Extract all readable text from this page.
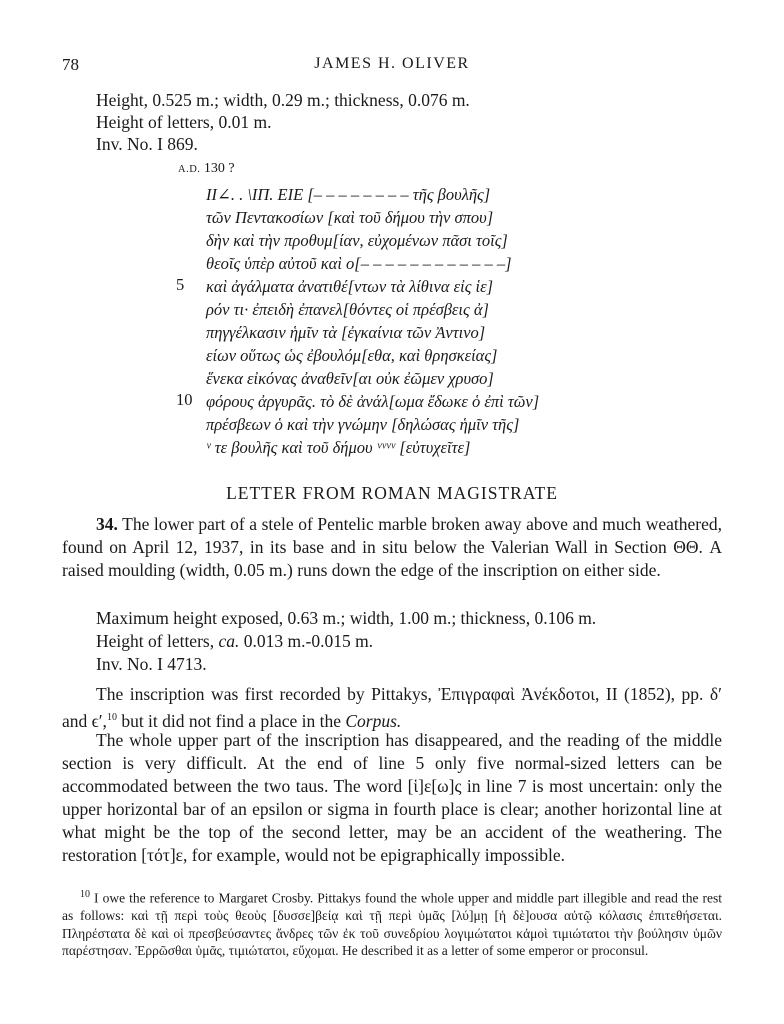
78	JAMES H. OLIVER
Height, 0.525 m.; width, 0.29 m.; thickness, 0.076 m.
Height of letters, 0.01 m.
Inv. No. I 869.
A.D. 130 ?
ΙΙ∠. . \ΙΠ. ΕΙΕ [– – – – – – – – τῆς βουλῆς]
τῶν Πεντακοσίων [καὶ τοῦ δήμου τὴν σπου]
δὴν καὶ τὴν προθυμ[ίαν, εὐχομένων πᾶσι τοῖς]
θεοῖς ὑπὲρ αὐτοῦ καὶ ο[– – – – – – – – – – – –]
5 καὶ ἀγάλματα ἀνατιθέ[ντων τὰ λίθινα εἰς ἱε]
ρόν τι· ἐπειδὴ ἐπανελ[θόντες οἱ πρέσβεις ἀ]
πηγγέλκασιν ἡμῖν τὰ [ἐγκαίνια τῶν Ἀντινο]
είων οὕτως ὡς ἐβουλόμ[εθα, καὶ θρησκείας]
ἕνεκα εἰκόνας ἀναθεῖν[αι οὐκ ἐῶμεν χρυσο]
10 φόρους ἀργυρᾶς. τὸ δὲ ἀνάλ[ωμα ἔδωκε ὁ ἐπὶ τῶν]
πρέσβεων ὁ καὶ τὴν γνώμην [δηλώσας ἡμῖν τῆς]
ᵛ τε βουλῆς καὶ τοῦ δήμου ᵛᵛᵛᵛ [εὐτυχεῖτε]
LETTER FROM ROMAN MAGISTRATE
34. The lower part of a stele of Pentelic marble broken away above and much weathered, found on April 12, 1937, in its base and in situ below the Valerian Wall in Section ΘΘ. A raised moulding (width, 0.05 m.) runs down the edge of the inscription on either side.
Maximum height exposed, 0.63 m.; width, 1.00 m.; thickness, 0.106 m.
Height of letters, ca. 0.013 m.-0.015 m.
Inv. No. I 4713.
The inscription was first recorded by Pittakys, Ἐπιγραφαὶ Ἀνέκδοτοι, II (1852), pp. δ′ and ϵ′,$^{10}$ but it did not find a place in the Corpus.
The whole upper part of the inscription has disappeared, and the reading of the middle section is very difficult. At the end of line 5 only five normal-sized letters can be accommodated between the two taus. The word [ἱ]ε[ω]ς in line 7 is most uncertain: only the upper horizontal bar of an epsilon or sigma in fourth place is clear; another horizontal line at what might be the top of the second letter, may be an accident of the weathering. The restoration [τότ]ε, for example, would not be epigraphically impossible.
$^{10}$ I owe the reference to Margaret Crosby. Pittakys found the whole upper and middle part illegible and read the rest as follows: καὶ τῇ περὶ τοὺς θεοὺς [δυσσε]βείᾳ καὶ τῇ περὶ ὑμᾶς [λύ]μῃ [ἡ δὲ]ουσα αὐτῷ κόλασις ἐπιτεθήσεται. Πληρέστατα δὲ καὶ οἱ πρεσβεύσαντες ἄνδρες τῶν ἐκ τοῦ συνεδρίου λογιμώτατοι κἀμοὶ τιμιώτατοι τὴν βούλησιν ὑμῶν παρέστησαν. Ἐρρῶσθαι ὑμᾶς, τιμιώτατοι, εὔχομαι. He described it as a letter of some emperor or proconsul.
